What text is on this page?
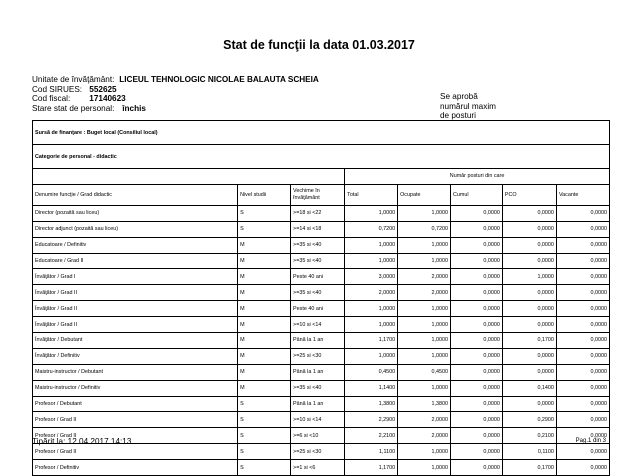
Stat de funcţii la data 01.03.2017
Unitate de învăţământ: LICEUL TEHNOLOGIC NICOLAE BALAUTA SCHEIA
Cod SIRUES: 552625
Cod fiscal: 17140623
Stare stat de personal: închis
Se aprobă
numărul maxim
de posturi
Sursă de finanţare : Buget local (Consiliul local)							
Categorie de personal - didactic							
			Număr posturi din care				
Denumire funcţie / Grad didactic	Nivel studii	Vechime în învăţământ	Total	Ocupate	Cumul	PCO	Vacante
Director (pozaită sau liceu)	S	>=18 si <22	1,0000	1,0000	0,0000	0,0000	0,0000
Director adjunct (pozaită sau liceu)	S	>=14 si <18	0,7200	0,7200	0,0000	0,0000	0,0000
Educatoare / Definitiv	M	>=35 si <40	1,0000	1,0000	0,0000	0,0000	0,0000
Educatoare / Grad II	M	>=35 si <40	1,0000	1,0000	0,0000	0,0000	0,0000
Învăţător / Grad I	M	Peste 40 ani	3,0000	2,0000	0,0000	1,0000	0,0000
Învăţător / Grad II	M	>=35 si <40	2,0000	2,0000	0,0000	0,0000	0,0000
Învăţător / Grad II	M	Peste 40 ani	1,0000	1,0000	0,0000	0,0000	0,0000
Învăţător / Grad II	M	>=10 si <14	1,0000	1,0000	0,0000	0,0000	0,0000
Învăţător / Debutant	M	Până la 1 an	1,1700	1,0000	0,0000	0,1700	0,0000
Învăţător / Definitiv	M	>=25 si <30	1,0000	1,0000	0,0000	0,0000	0,0000
Maistru-instructor / Debutant	M	Până la 1 an	0,4500	0,4500	0,0000	0,0000	0,0000
Maistru-instructor / Definitiv	M	>=35 si <40	1,1400	1,0000	0,0000	0,1400	0,0000
Profesor / Debutant	S	Până la 1 an	1,3800	1,3800	0,0000	0,0000	0,0000
Profesor / Grad II	S	>=10 si <14	2,2900	2,0000	0,0000	0,2900	0,0000
Profesor / Grad II	S	>=6 si <10	2,2100	2,0000	0,0000	0,2100	0,0000
Profesor / Grad II	S	>=25 si <30	1,1100	1,0000	0,0000	0,1100	0,0000
Profesor / Definitiv	S	>=1 si <6	1,1700	1,0000	0,0000	0,1700	0,0000
Tipărit la: 12.04.2017 14:13	Pag.1 din 3
